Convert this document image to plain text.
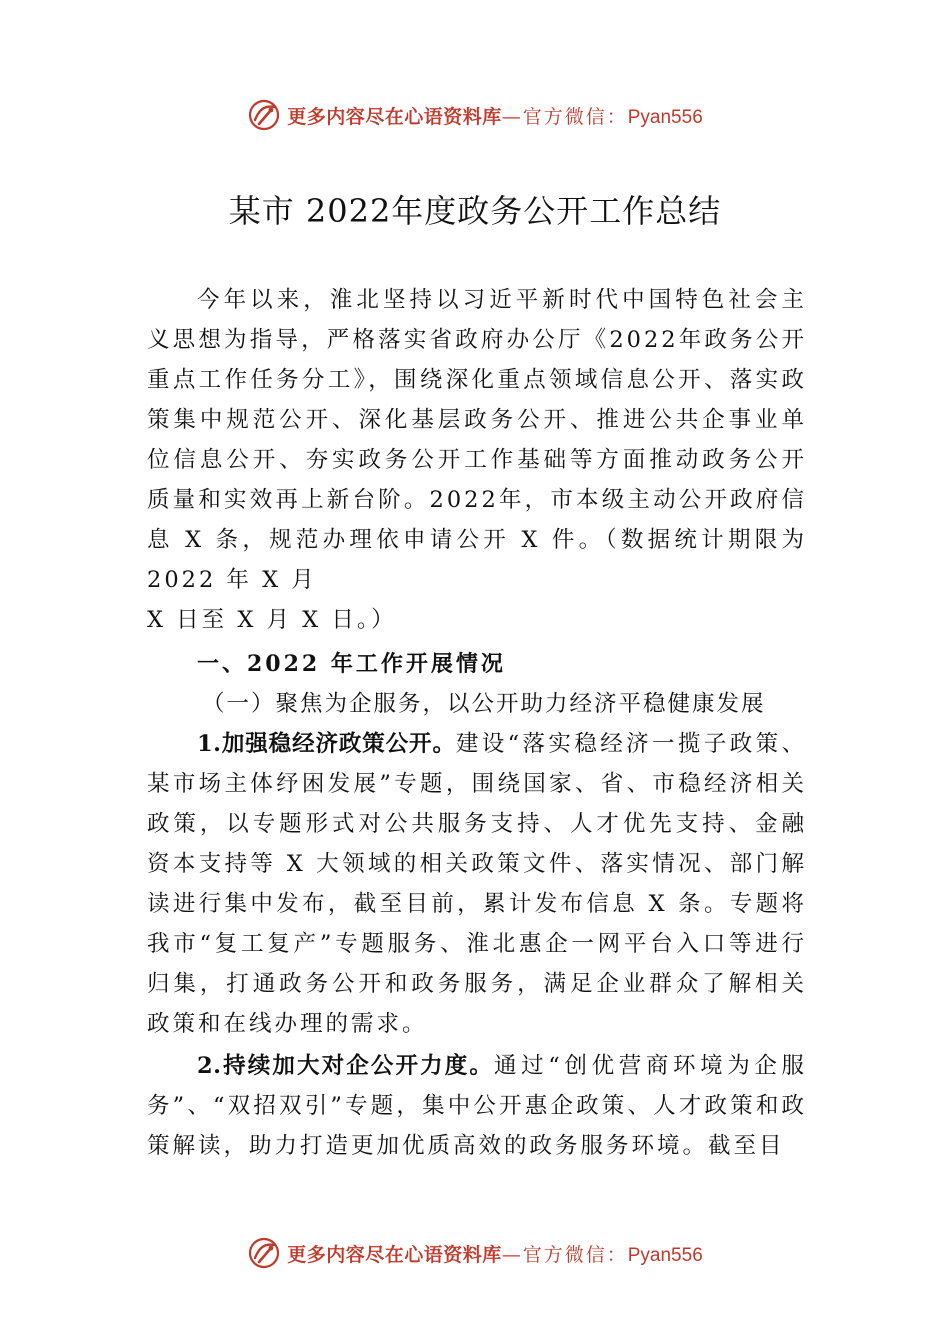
更多内容尽在心语资料库—官方微信：Pyan556
某市 2022年度政务公开工作总结

今年以来，淮北坚持以习近平新时代中国特色社会主义思想为指导，严格落实省政府办公厅《2022年政务公开重点工作任务分工》，围绕深化重点领域信息公开、落实政策集中规范公开、深化基层政务公开、推进公共企事业单位信息公开、夯实政务公开工作基础等方面推动政务公开质量和实效再上新台阶。2022年，市本级主动公开政府信息 X 条，规范办理依申请公开 X 件。（数据统计期限为 2022 年 X 月

X 日至 X 月 X 日。）

一、2022 年工作开展情况

（一）聚焦为企服务，以公开助力经济平稳健康发展

1.加强稳经济政策公开。建设“落实稳经济一揽子政策、某市场主体纾困发展”专题，围绕国家、省、市稳经济相关政策，以专题形式对公共服务支持、人才优先支持、金融资本支持等 X 大领域的相关政策文件、落实情况、部门解读进行集中发布，截至目前，累计发布信息 X 条。专题将我市“复工复产”专题服务、淮北惠企一网平台入口等进行归集，打通政务公开和政务服务，满足企业群众了解相关政策和在线办理的需求。

2.持续加大对企公开力度。通过“创优营商环境为企服务”、“双招双引”专题，集中公开惠企政策、人才政策和政策解读，助力打造更加优质高效的政务服务环境。截至目

更多内容尽在心语资料库—官方微信：Pyan556
